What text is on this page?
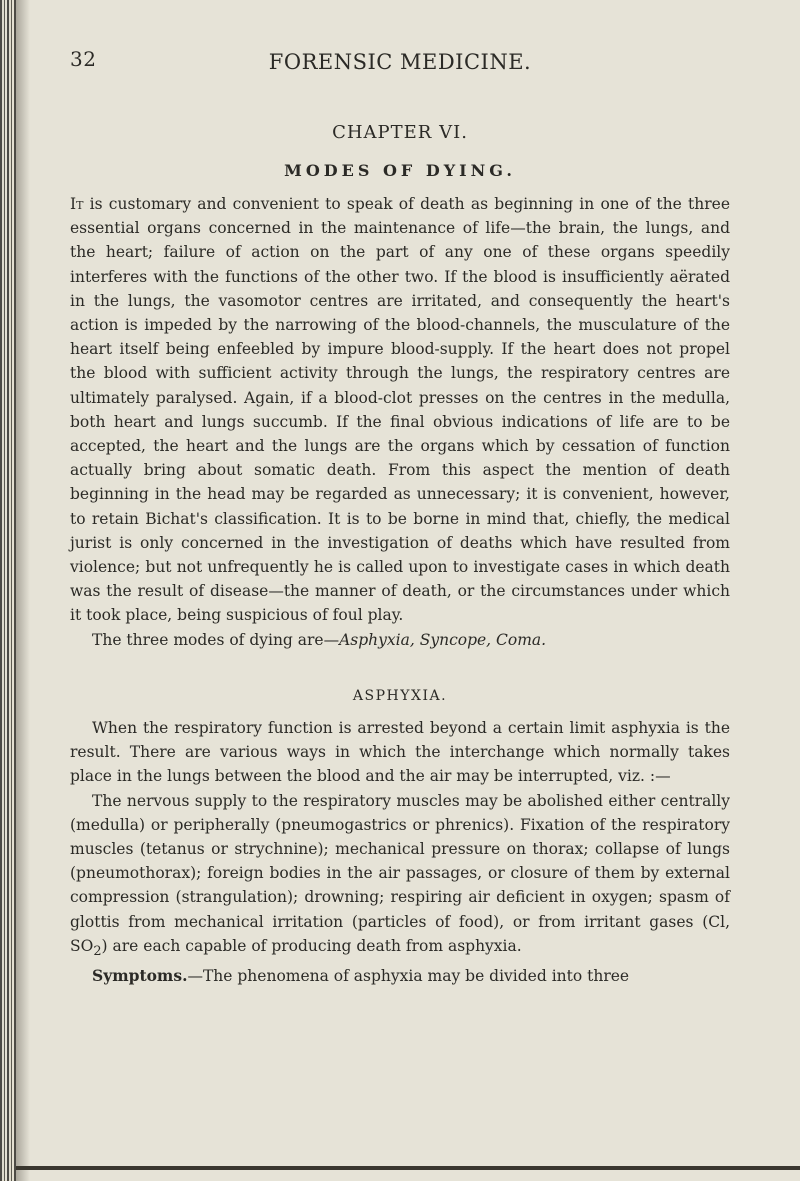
32	FORENSIC MEDICINE.
CHAPTER VI.
MODES OF DYING.

It is customary and convenient to speak of death as beginning in one of the three essential organs concerned in the maintenance of life—the brain, the lungs, and the heart; failure of action on the part of any one of these organs speedily interferes with the functions of the other two. If the blood is insufficiently aërated in the lungs, the vasomotor centres are irritated, and consequently the heart's action is impeded by the narrowing of the blood-channels, the musculature of the heart itself being enfeebled by impure blood-supply. If the heart does not propel the blood with sufficient activity through the lungs, the respiratory centres are ultimately paralysed. Again, if a blood-clot presses on the centres in the medulla, both heart and lungs succumb. If the final obvious indications of life are to be accepted, the heart and the lungs are the organs which by cessation of function actually bring about somatic death. From this aspect the mention of death beginning in the head may be regarded as unnecessary; it is convenient, however, to retain Bichat's classification. It is to be borne in mind that, chiefly, the medical jurist is only concerned in the investigation of deaths which have resulted from violence; but not unfrequently he is called upon to investigate cases in which death was the result of disease—the manner of death, or the circumstances under which it took place, being suspicious of foul play.

The three modes of dying are—Asphyxia, Syncope, Coma.

ASPHYXIA.

When the respiratory function is arrested beyond a certain limit asphyxia is the result. There are various ways in which the interchange which normally takes place in the lungs between the blood and the air may be interrupted, viz. :—

The nervous supply to the respiratory muscles may be abolished either centrally (medulla) or peripherally (pneumogastrics or phrenics). Fixation of the respiratory muscles (tetanus or strychnine); mechanical pressure on thorax; collapse of lungs (pneumothorax); foreign bodies in the air passages, or closure of them by external compression (strangulation); drowning; respiring air deficient in oxygen; spasm of glottis from mechanical irritation (particles of food), or from irritant gases (Cl, $SO_2$) are each capable of producing death from asphyxia.

Symptoms.—The phenomena of asphyxia may be divided into three
